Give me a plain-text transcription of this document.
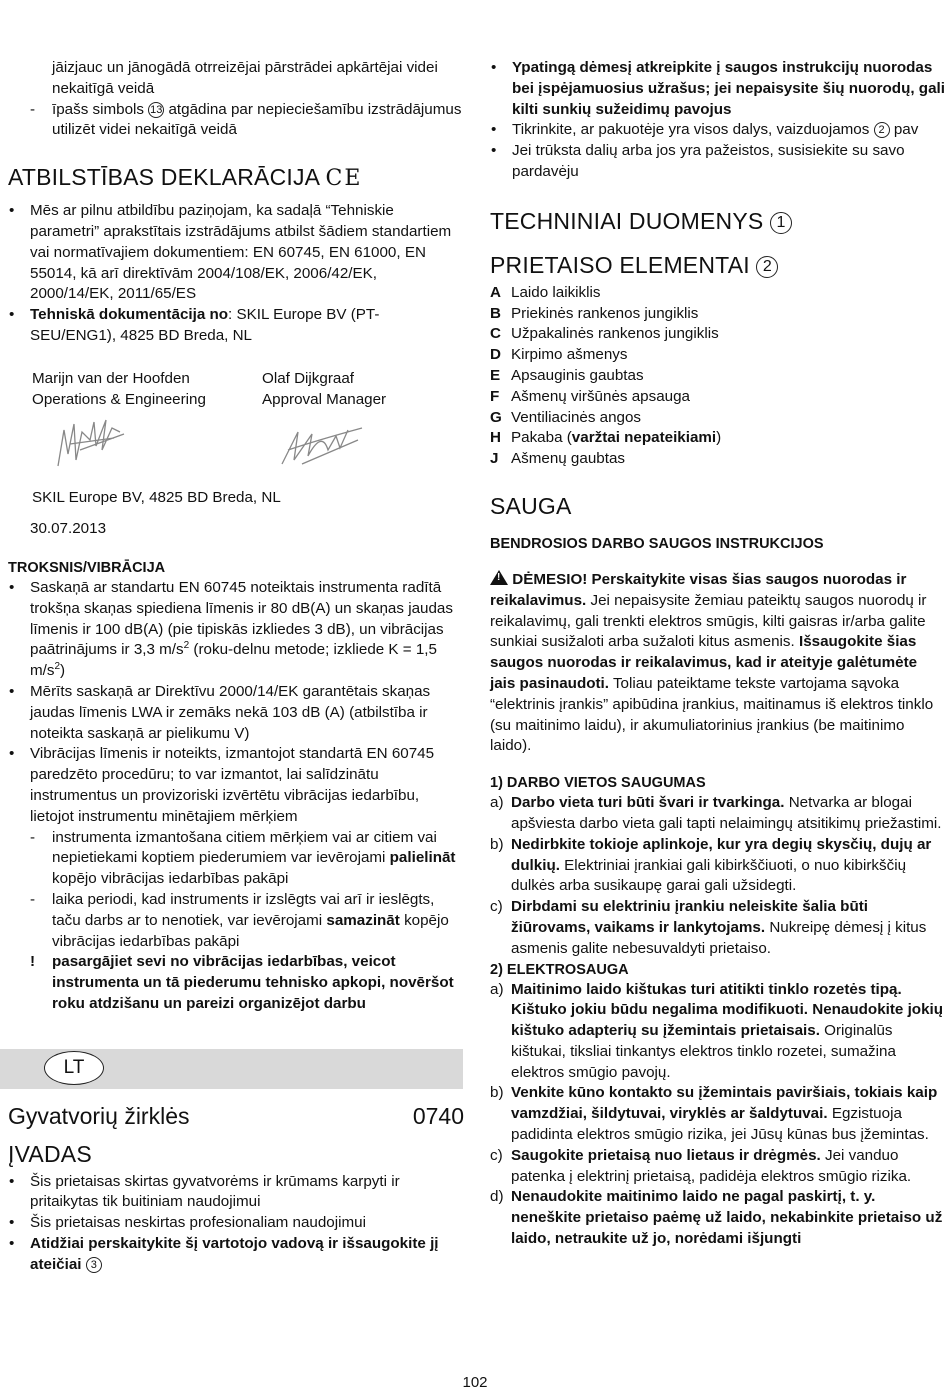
jāizjauc un jānogādā otrreizējai pārstrādei apkārtējai videi nekaitīgā veidā

- īpašs simbols 13 atgādina par nepieciešamību izstrādājumus utilizēt videi nekaitīgā veidā
ATBILSTĪBAS DEKLARĀCIJA CE
• Mēs ar pilnu atbildību paziņojam, ka sadaļā “Tehniskie parametri” aprakstītais izstrādājums atbilst šādiem standartiem vai normatīvajiem dokumentiem: EN 60745, EN 61000, EN 55014, kā arī direktīvām 2004/108/EK, 2006/42/EK, 2000/14/EK, 2011/65/ES
• Tehniskā dokumentācija no: SKIL Europe BV (PT-SEU/ENG1), 4825 BD Breda, NL

Marijn van der Hoofden

Operations & Engineering

Olaf Dijkgraaf

Approval Manager

SKIL Europe BV, 4825 BD Breda, NL

30.07.2013

TROKSNIS/VIBRĀCIJA
• Saskaņā ar standartu EN 60745 noteiktais instrumenta radītā trokšņa skaņas spiediena līmenis ir 80 dB(A) un skaņas jaudas līmenis ir 100 dB(A) (pie tipiskās izkliedes 3 dB), un vibrācijas paātrinājums ir 3,3 $m/s^2$ (roku-delnu metode; izkliede K = 1,5 $m/s^2$)
• Mērīts saskaņā ar Direktīvu 2000/14/EK garantētais skaņas jaudas līmenis LWA ir zemāks nekā 103 dB (A) (atbilstība ir noteikta saskaņā ar pielikumu V)
• Vibrācijas līmenis ir noteikts, izmantojot standartā EN 60745 paredzēto procedūru; to var izmantot, lai salīdzinātu instrumentus un provizoriski izvērtētu vibrācijas iedarbību, lietojot instrumentu minētajiem mērķiem
- instrumenta izmantošana citiem mērķiem vai ar citiem vai nepietiekami koptiem piederumiem var ievērojami palielināt kopējo vibrācijas iedarbības pakāpi
- laika periodi, kad instruments ir izslēgts vai arī ir ieslēgts, taču darbs ar to nenotiek, var ievērojami samazināt kopējo vibrācijas iedarbības pakāpi
! pasargājiet sevi no vibrācijas iedarbības, veicot instrumenta un tā piederumu tehnisko apkopi, novēršot roku atdzišanu un pareizi organizējot darbu
LT
Gyvatvorių žirklės	0740
ĮVADAS
• Šis prietaisas skirtas gyvatvorėms ir krūmams karpyti ir pritaikytas tik buitiniam naudojimui
• Šis prietaisas neskirtas profesionaliam naudojimui
• Atidžiai perskaitykite šį vartotojo vadovą ir išsaugokite jį ateičiai 3
• Ypatingą dėmesį atkreipkite į saugos instrukcijų nuorodas bei įspėjamuosius užrašus; jei nepaisysite šių nuorodų, gali kilti sunkių sužeidimų pavojus
• Tikrinkite, ar pakuotėje yra visos dalys, vaizduojamos 2 pav
• Jei trūksta dalių arba jos yra pažeistos, susisiekite su savo pardavėju
TECHNINIAI DUOMENYS 1
PRIETAISO ELEMENTAI 2
A Laido laikiklis
B Priekinės rankenos jungiklis
C Užpakalinės rankenos jungiklis
D Kirpimo ašmenys
E Apsauginis gaubtas
F Ašmenų viršūnės apsauga
G Ventiliacinės angos
H Pakaba (varžtai nepateikiami)
J Ašmenų gaubtas
SAUGA
BENDROSIOS DARBO SAUGOS INSTRUKCIJOS

! DĖMESIO! Perskaitykite visas šias saugos nuorodas ir reikalavimus. Jei nepaisysite žemiau pateiktų saugos nuorodų ir reikalavimų, gali trenkti elektros smūgis, kilti gaisras ir/arba galite sunkiai susižaloti arba sužaloti kitus asmenis. Išsaugokite šias saugos nuorodas ir reikalavimus, kad ir ateityje galėtumėte jais pasinaudoti. Toliau pateiktame tekste vartojama sąvoka “elektrinis įrankis” apibūdina įrankius, maitinamus iš elektros tinklo (su maitinimo laidu), ir akumuliatorinius įrankius (be maitinimo laido).

1) DARBO VIETOS SAUGUMAS
a) Darbo vieta turi būti švari ir tvarkinga. Netvarka ar blogai apšviesta darbo vieta gali tapti nelaimingų atsitikimų priežastimi.
b) Nedirbkite tokioje aplinkoje, kur yra degių skysčių, dujų ar dulkių. Elektriniai įrankiai gali kibirkščiuoti, o nuo kibirkščių dulkės arba susikaupę garai gali užsidegti.
c) Dirbdami su elektriniu įrankiu neleiskite šalia būti žiūrovams, vaikams ir lankytojams. Nukreipę dėmesį į kitus asmenis galite nebesuvaldyti prietaiso.
2) ELEKTROSAUGA
a) Maitinimo laido kištukas turi atitikti tinklo rozetės tipą. Kištuko jokiu būdu negalima modifikuoti. Nenaudokite jokių kištuko adapterių su įžemintais prietaisais. Originalūs kištukai, tiksliai tinkantys elektros tinklo rozetei, sumažina elektros smūgio pavojų.
b) Venkite kūno kontakto su įžemintais paviršiais, tokiais kaip vamzdžiai, šildytuvai, viryklės ar šaldytuvai. Egzistuoja padidinta elektros smūgio rizika, jei Jūsų kūnas bus įžemintas.
c) Saugokite prietaisą nuo lietaus ir drėgmės. Jei vanduo patenka į elektrinį prietaisą, padidėja elektros smūgio rizika.
d) Nenaudokite maitinimo laido ne pagal paskirtį, t. y. neneškite prietaiso paėmę už laido, nekabinkite prietaiso už laido, netraukite už jo, norėdami išjungti
102
